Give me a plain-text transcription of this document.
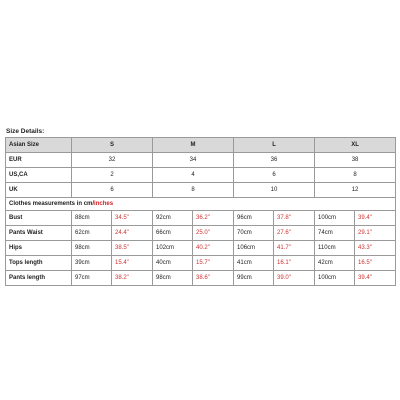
Size Details:
Asian Size	S		M		L		XL	
EUR	32		34		36		38	
US,CA	2		4		6		8	
UK	6		8		10		12	
Clothes measurements in cm/inches								
Bust	88cm	34.5"	92cm	36.2"	96cm	37.8"	100cm	39.4"
Pants Waist	62cm	24.4"	66cm	25.0"	70cm	27.6"	74cm	29.1"
Hips	98cm	38.5"	102cm	40.2"	106cm	41.7"	110cm	43.3"
Tops length	39cm	15.4"	40cm	15.7"	41cm	16.1"	42cm	16.5"
Pants length	97cm	38.2"	98cm	38.6"	99cm	39.0"	100cm	39.4"
